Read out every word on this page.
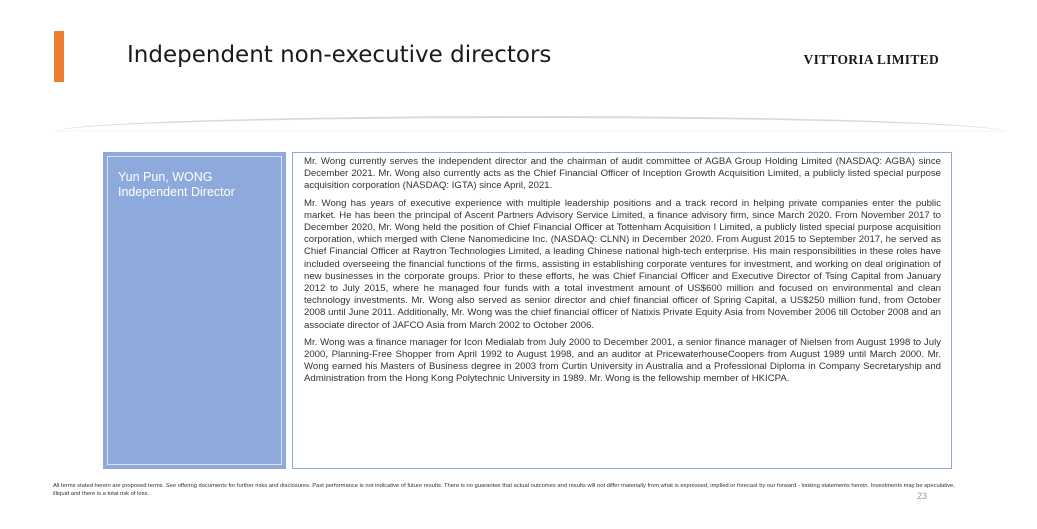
Independent non-executive directors	VITTORIA LIMITED
Yun Pun, WONG
Independent Director

Mr. Wong currently serves the independent director and the chairman of audit committee of AGBA Group Holding Limited (NASDAQ: AGBA) since December 2021. Mr. Wong also currently acts as the Chief Financial Officer of Inception Growth Acquisition Limited, a publicly listed special purpose acquisition corporation (NASDAQ: IGTA) since April, 2021.

Mr. Wong has years of executive experience with multiple leadership positions and a track record in helping private companies enter the public market. He has been the principal of Ascent Partners Advisory Service Limited, a finance advisory firm, since March 2020. From November 2017 to December 2020, Mr. Wong held the position of Chief Financial Officer at Tottenham Acquisition I Limited, a publicly listed special purpose acquisition corporation, which merged with Clene Nanomedicine Inc. (NASDAQ: CLNN) in December 2020. From August 2015 to September 2017, he served as Chief Financial Officer at Raytron Technologies Limited, a leading Chinese national high-tech enterprise. His main responsibilities in these roles have included overseeing the financial functions of the firms, assisting in establishing corporate ventures for investment, and working on deal origination of new businesses in the corporate groups. Prior to these efforts, he was Chief Financial Officer and Executive Director of Tsing Capital from January 2012 to July 2015, where he managed four funds with a total investment amount of US$600 million and focused on environmental and clean technology investments. Mr. Wong also served as senior director and chief financial officer of Spring Capital, a US$250 million fund, from October 2008 until June 2011. Additionally, Mr. Wong was the chief financial officer of Natixis Private Equity Asia from November 2006 till October 2008 and an associate director of JAFCO Asia from March 2002 to October 2006.

Mr. Wong was a finance manager for Icon Medialab from July 2000 to December 2001, a senior finance manager of Nielsen from August 1998 to July 2000, Planning-Free Shopper from April 1992 to August 1998, and an auditor at PricewaterhouseCoopers from August 1989 until March 2000. Mr. Wong earned his Masters of Business degree in 2003 from Curtin University in Australia and a Professional Diploma in Company Secretaryship and Administration from the Hong Kong Polytechnic University in 1989. Mr. Wong is the fellowship member of HKICPA.

All terms stated herein are proposed terms. See offering documents for further risks and disclosures. Past performance is not indicative of future results. There is no guarantee that actual outcomes and results will not differ materially from what is expressed, implied or forecast by our forward - looking statements herein. Investments may be speculative, illiquid and there is a total risk of loss.	23
